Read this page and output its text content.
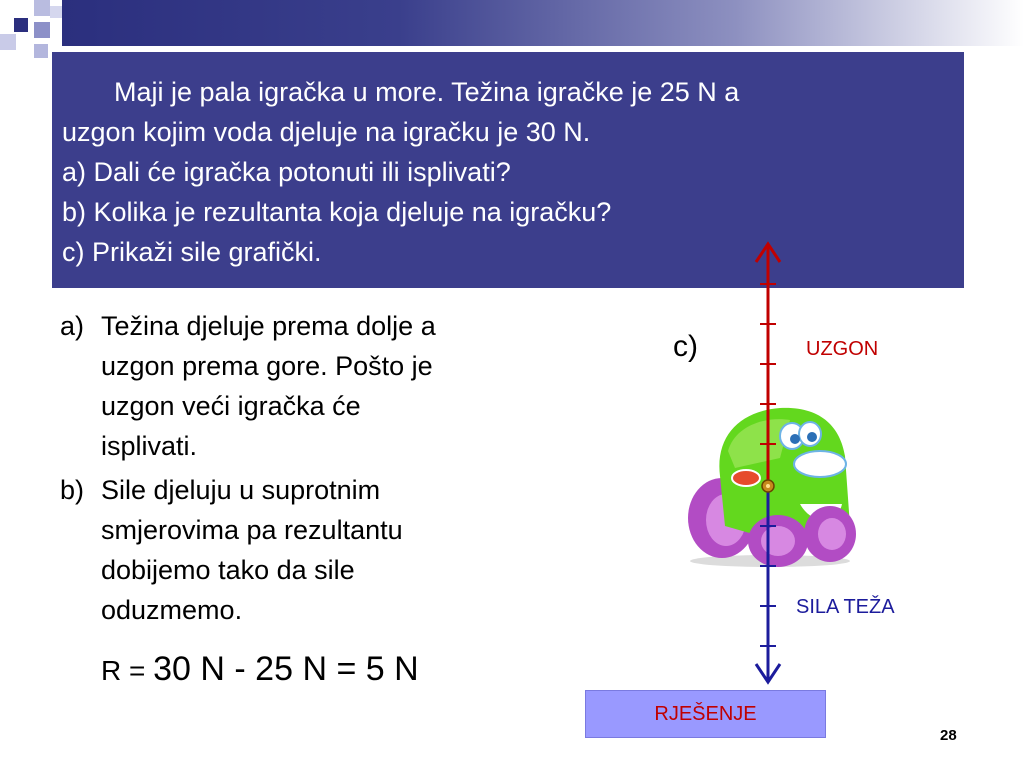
Maji je pala igračka u more. Težina igračke je 25 N a
uzgon kojim voda djeluje na igračku je 30 N.
a) Dali će igračka potonuti ili isplivati?
b) Kolika je rezultanta koja djeluje na igračku?
c) Prikaži sile grafički.
a) Težina djeluje prema dolje a
uzgon prema gore. Pošto je
uzgon veći igračka će
isplivati.
b) Sile djeluju u suprotnim
smjerovima pa rezultantu
dobijemo tako da sile
oduzmemo.
R = 30 N - 25 N = 5 N
c)	UZGON
SILA TEŽA
RJEŠENJE
28
